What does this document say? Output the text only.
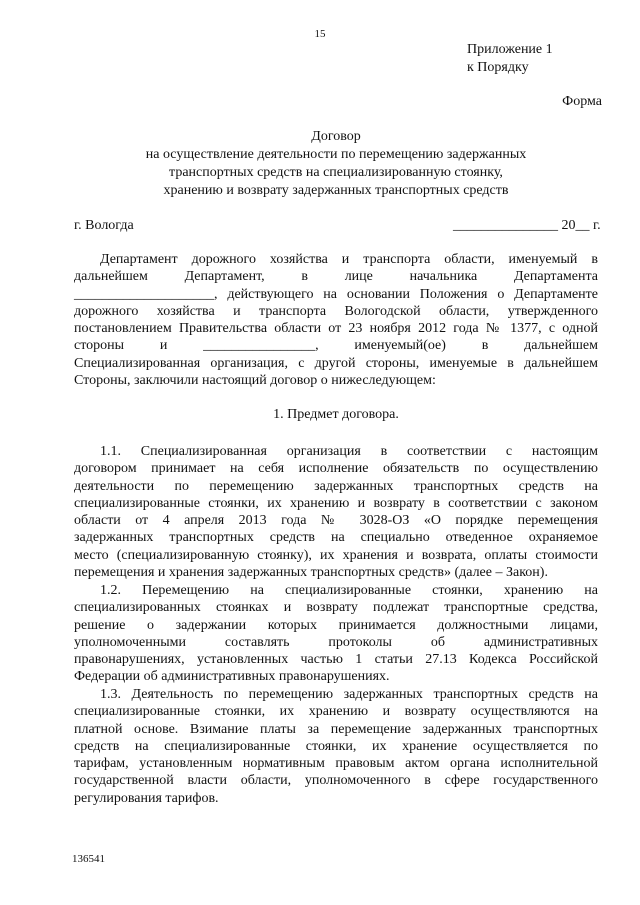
15
Приложение 1
к Порядку
Форма
Договор
на осуществление деятельности по перемещению задержанных
транспортных средств на специализированную стоянку,
хранению и возврату задержанных транспортных средств
г. Вологда	_______________ 20__ г.
Департамент дорожного хозяйства и транспорта области, именуемый в
дальнейшем Департамент, в лице начальника Департамента
____________________, действующего на основании Положения о Департаменте
дорожного хозяйства и транспорта Вологодской области, утвержденного
постановлением Правительства области от 23 ноября 2012 года № 1377, с одной
стороны и ________________, именуемый(ое) в дальнейшем
Специализированная организация, с другой стороны, именуемые в дальнейшем
Стороны, заключили настоящий договор о нижеследующем:
1. Предмет договора.
1.1. Специализированная организация в соответствии с настоящим
договором принимает на себя исполнение обязательств по осуществлению
деятельности по перемещению задержанных транспортных средств на
специализированные стоянки, их хранению и возврату в соответствии с законом
области от 4 апреля 2013 года № 3028-ОЗ «О порядке перемещения
задержанных транспортных средств на специально отведенное охраняемое
место (специализированную стоянку), их хранения и возврата, оплаты стоимости
перемещения и хранения задержанных транспортных средств» (далее – Закон).
1.2. Перемещению на специализированные стоянки, хранению на
специализированных стоянках и возврату подлежат транспортные средства,
решение о задержании которых принимается должностными лицами,
уполномоченными составлять протоколы об административных
правонарушениях, установленных частью 1 статьи 27.13 Кодекса Российской
Федерации об административных правонарушениях.
1.3. Деятельность по перемещению задержанных транспортных средств на
специализированные стоянки, их хранению и возврату осуществляются на
платной основе. Взимание платы за перемещение задержанных транспортных
средств на специализированные стоянки, их хранение осуществляется по
тарифам, установленным нормативным правовым актом органа исполнительной
государственной власти области, уполномоченного в сфере государственного
регулирования тарифов.
136541
